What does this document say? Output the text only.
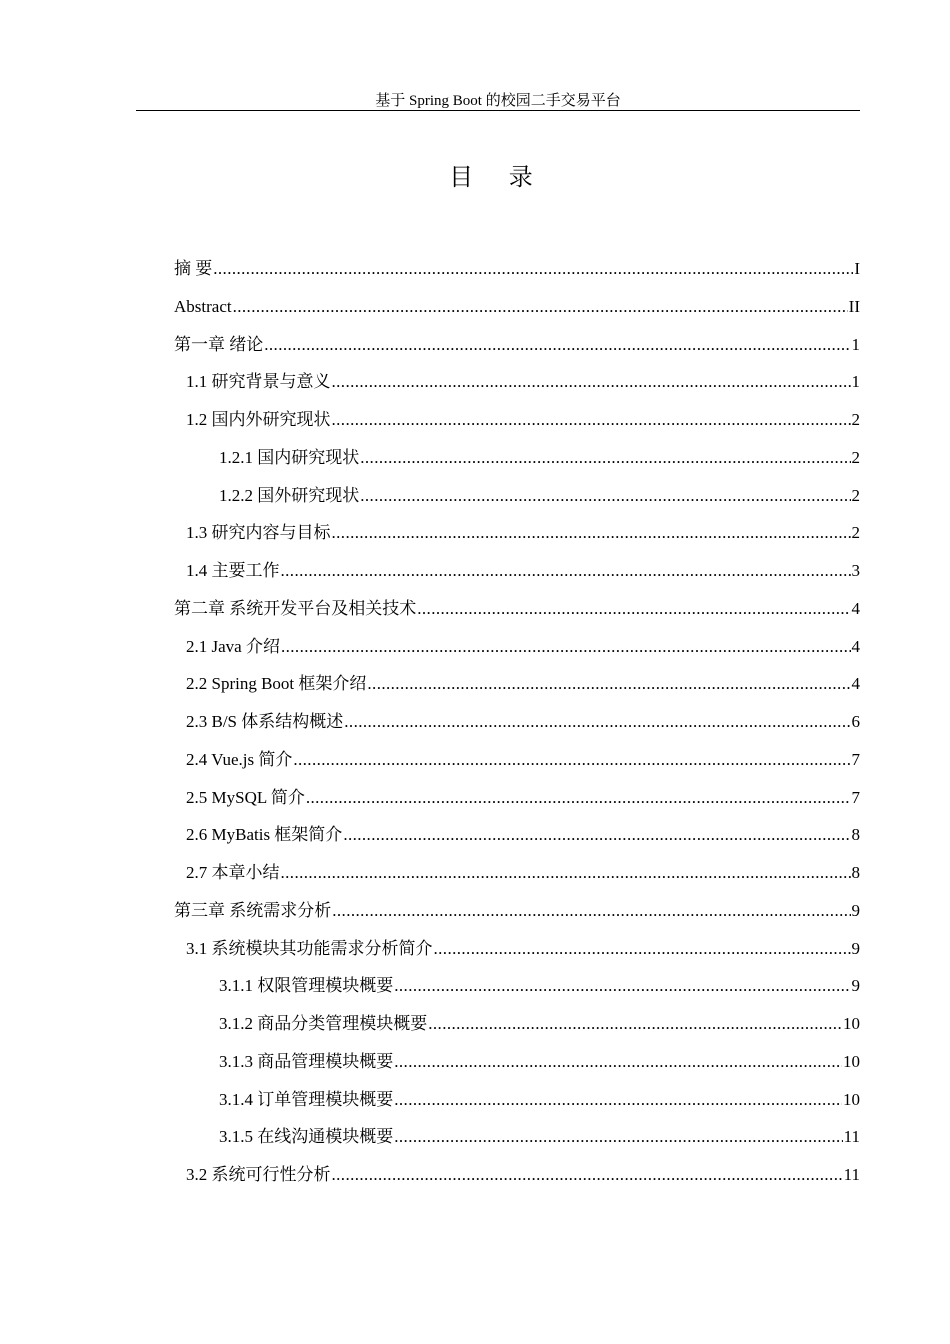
基于 Spring Boot 的校园二手交易平台
目 录
摘 要 .....	I
Abstract .....	II
第一章 绪论 .....	1
1.1 研究背景与意义 .....	1
1.2 国内外研究现状 .....	2
1.2.1 国内研究现状 .....	2
1.2.2 国外研究现状 .....	2
1.3 研究内容与目标 .....	2
1.4 主要工作 .....	3
第二章 系统开发平台及相关技术 .....	4
2.1 Java 介绍 .....	4
2.2 Spring Boot 框架介绍 .....	4
2.3 B/S 体系结构概述 .....	6
2.4 Vue.js 简介 .....	7
2.5 MySQL 简介 .....	7
2.6 MyBatis 框架简介 .....	8
2.7 本章小结 .....	8
第三章 系统需求分析 .....	9
3.1 系统模块其功能需求分析简介 .....	9
3.1.1 权限管理模块概要 .....	9
3.1.2 商品分类管理模块概要 .....	10
3.1.3 商品管理模块概要 .....	10
3.1.4 订单管理模块概要 .....	10
3.1.5 在线沟通模块概要 .....	11
3.2 系统可行性分析 .....	11
